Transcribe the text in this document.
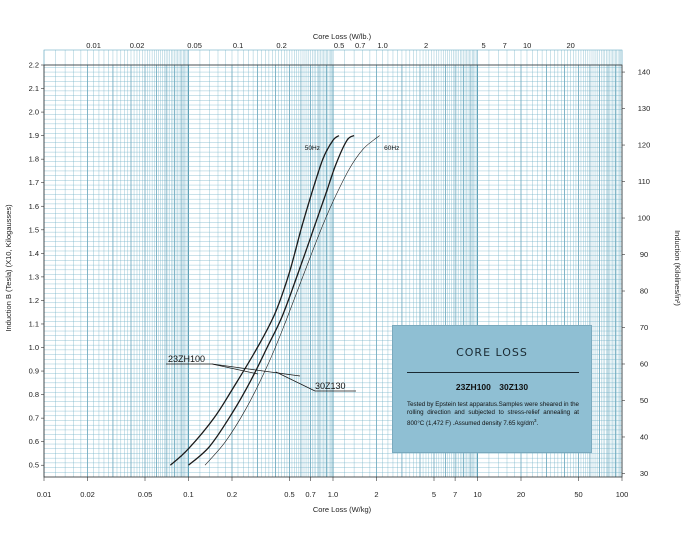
50Hz	60Hz
23ZH100
30Z130
0.01	0.02	0.05	0.1	0.2	0.5 0.7 1.0	2	5 7 10	20	50	100
0.01	0.02	0.05	0.1	0.2	0.5 0.7 1.0	2	5 7 10	20
0.5
0.6
0.7
0.8
0.9
1.0
1.1
1.2
1.3
1.4
1.5
1.6
1.7
1.8
1.9
2.0
2.1
2.2
30
40
50
60
70
80
90
100
110
120
130
140
Core Loss (W/lb.)
Core Loss (W/kg)
Induction B (Tesla) (X10, Kilogausses)	Induction (Kilolines/in²)
CORE LOSS
23ZH100 30Z130
Tested by Epstein test apparatus.Samples were sheared in the rolling direction and subjected to stress-relief annealing at 800°C (1,472 F) .Assumed density 7.65 $kg/dm^3$.
